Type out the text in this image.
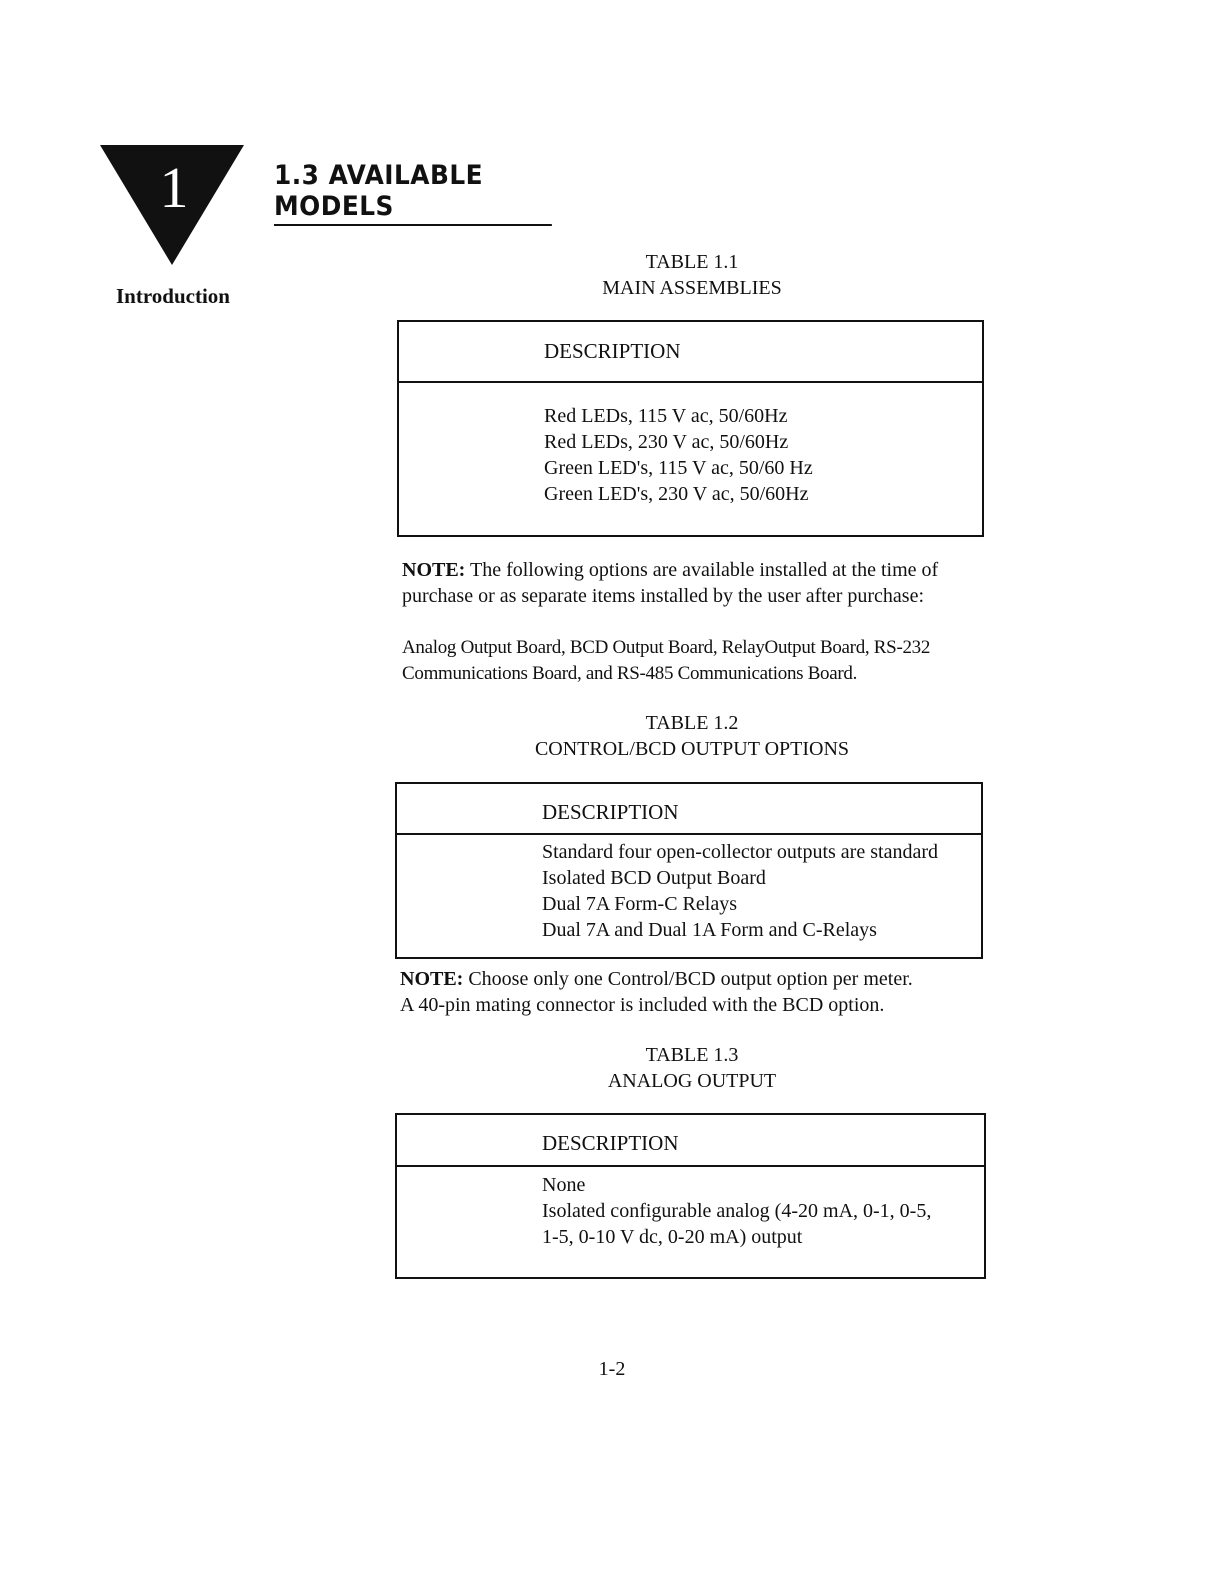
1
Introduction
1.3 AVAILABLE MODELS
TABLE 1.1
MAIN ASSEMBLIES
DESCRIPTION
Red LEDs, 115 V ac, 50/60Hz
Red LEDs, 230 V ac, 50/60Hz
Green LED's, 115 V ac, 50/60 Hz
Green LED's, 230 V ac, 50/60Hz
NOTE: The following options are available installed at the time of purchase or as separate items installed by the user after purchase:
Analog Output Board, BCD Output Board, RelayOutput Board, RS-232 Communications Board, and RS-485 Communications Board.
TABLE 1.2
CONTROL/BCD OUTPUT OPTIONS
DESCRIPTION
Standard four open-collector outputs are standard
Isolated BCD Output Board
Dual 7A Form-C Relays
Dual 7A and Dual 1A Form and C-Relays
NOTE: Choose only one Control/BCD output option per meter.
A 40-pin mating connector is included with the BCD option.
TABLE 1.3
ANALOG OUTPUT
DESCRIPTION
None
Isolated configurable analog (4-20 mA, 0-1, 0-5,
1-5, 0-10 V dc, 0-20 mA) output
1-2
